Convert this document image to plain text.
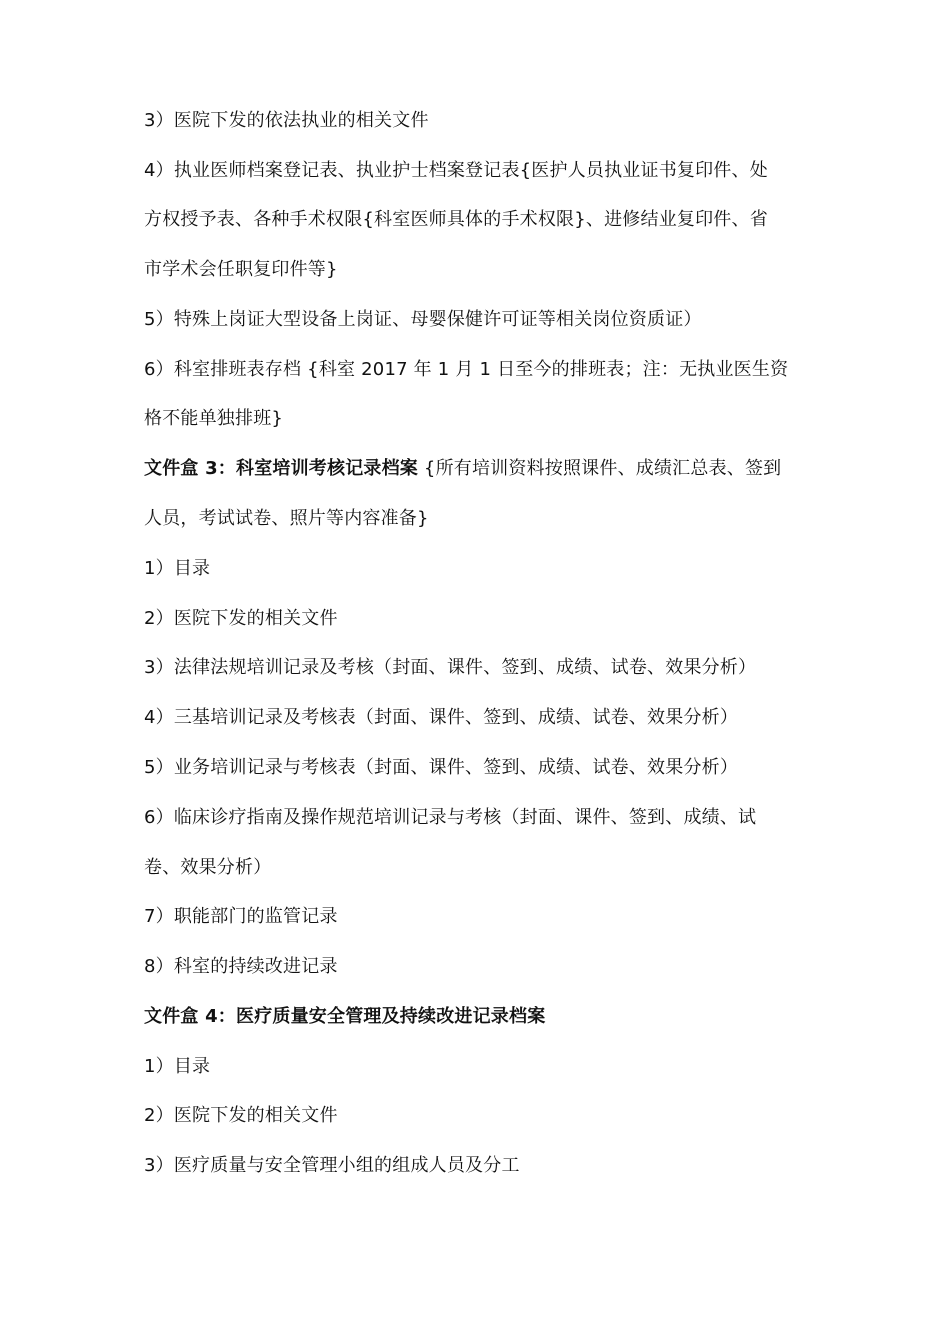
3）医院下发的依法执业的相关文件
4）执业医师档案登记表、执业护士档案登记表{医护人员执业证书复印件、处
方权授予表、各种手术权限{科室医师具体的手术权限}、进修结业复印件、省
市学术会任职复印件等}
5）特殊上岗证大型设备上岗证、母婴保健许可证等相关岗位资质证）
6）科室排班表存档 {科室 2017 年 1 月 1 日至今的排班表；注：无执业医生资
格不能单独排班}
文件盒 3：科室培训考核记录档案 {所有培训资料按照课件、成绩汇总表、签到
人员，考试试卷、照片等内容准备}
1）目录
2）医院下发的相关文件
3）法律法规培训记录及考核（封面、课件、签到、成绩、试卷、效果分析）
4）三基培训记录及考核表（封面、课件、签到、成绩、试卷、效果分析）
5）业务培训记录与考核表（封面、课件、签到、成绩、试卷、效果分析）
6）临床诊疗指南及操作规范培训记录与考核（封面、课件、签到、成绩、试
卷、效果分析）
7）职能部门的监管记录
8）科室的持续改进记录
文件盒 4：医疗质量安全管理及持续改进记录档案
1）目录
2）医院下发的相关文件
3）医疗质量与安全管理小组的组成人员及分工
